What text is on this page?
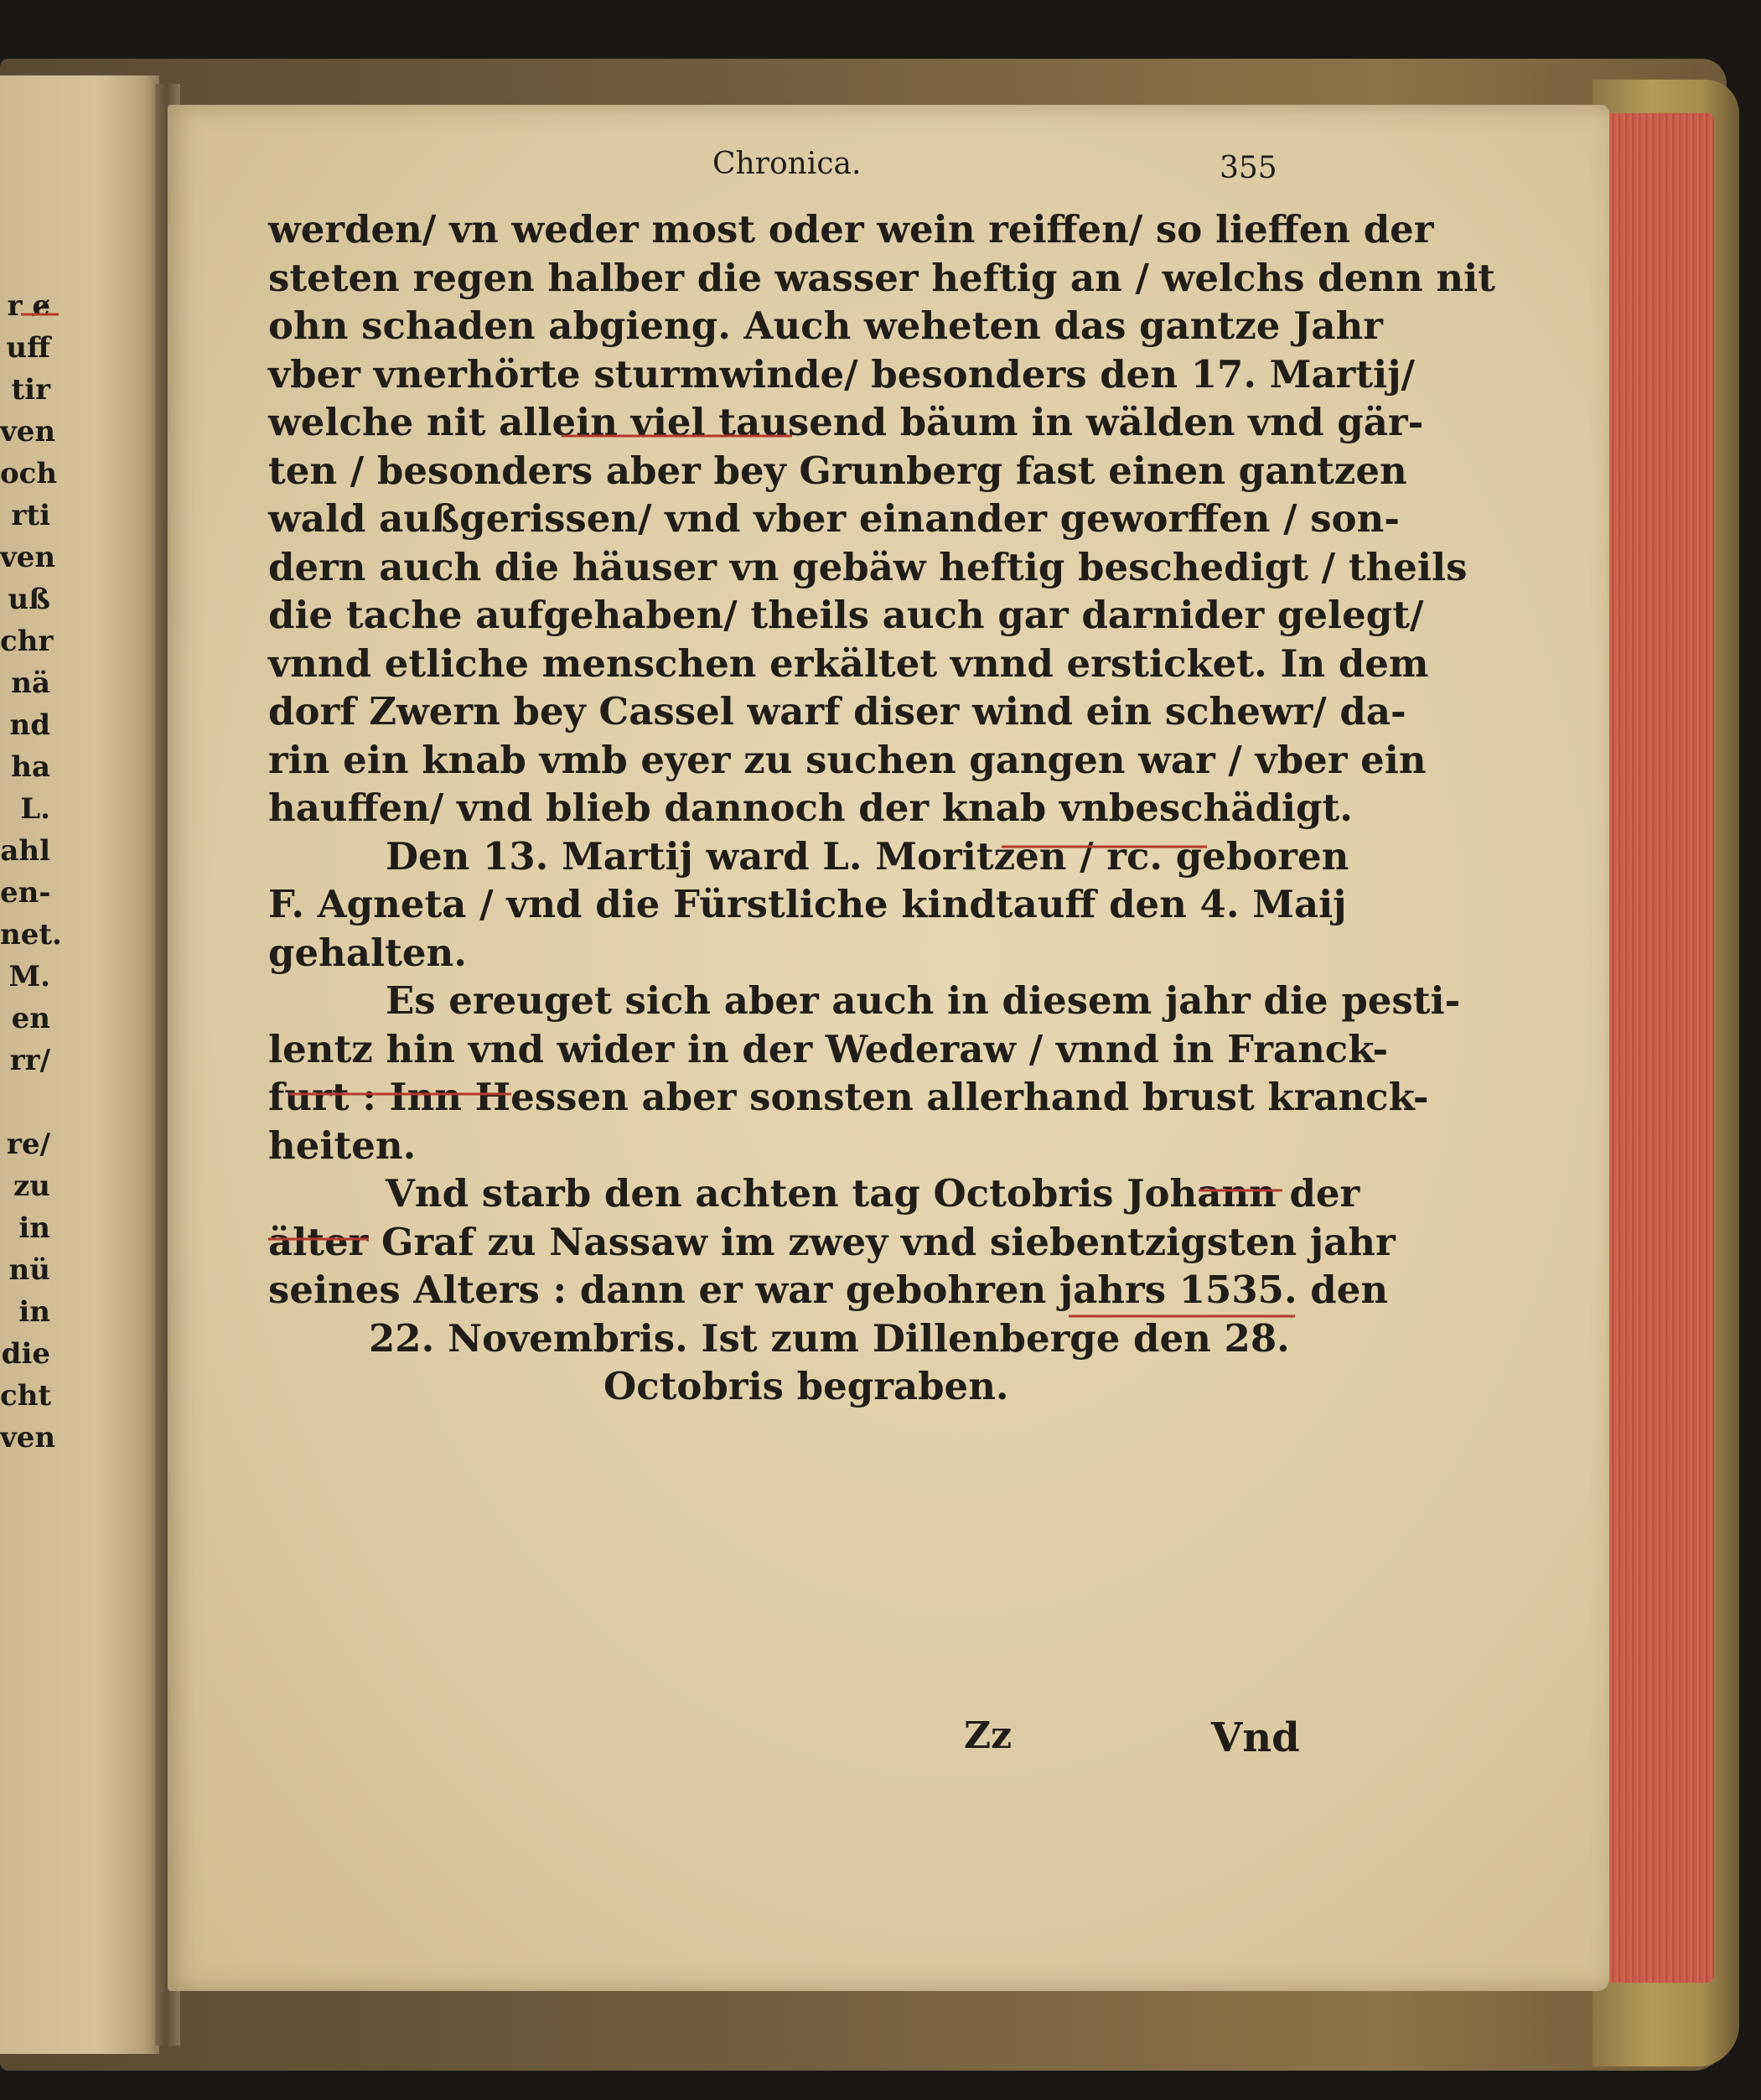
r e̷
uff
tir
ven
och
rti
ven
uß
chr
nä
nd
ha
L.
ahl
en-
net.
M.
en
rr/

re/
zu
in
nü
in
die
cht
ven
Chronica.	355
werden/ vn weder most oder wein reiffen/ so lieffen der
steten regen halber die wasser heftig an / welchs denn nit
ohn schaden abgieng. Auch weheten das gantze Jahr
vber vnerhörte sturmwinde/ besonders den 17. Martij/
welche nit allein viel tausend bäum in wälden vnd gär-
ten / besonders aber bey Grunberg fast einen gantzen
wald außgerissen/ vnd vber einander geworffen / son-
dern auch die häuser vn gebäw heftig beschedigt / theils
die tache aufgehaben/ theils auch gar darnider gelegt/
vnnd etliche menschen erkältet vnnd ersticket. In dem
dorf Zwern bey Cassel warf diser wind ein schewr/ da-
rin ein knab vmb eyer zu suchen gangen war / vber ein
hauffen/ vnd blieb dannoch der knab vnbeschädigt.
Den 13. Martij ward L. Moritzen / rc. geboren
F. Agneta / vnd die Fürstliche kindtauff den 4. Maij
gehalten.
Es ereuget sich aber auch in diesem jahr die pesti-
lentz hin vnd wider in der Wederaw / vnnd in Franck-
furt : Inn Hessen aber sonsten allerhand brust kranck-
heiten.
Vnd starb den achten tag Octobris Johann der
älter Graf zu Nassaw im zwey vnd siebentzigsten jahr
seines Alters : dann er war gebohren jahrs 1535. den
22. Novembris. Ist zum Dillenberge den 28.
Octobris begraben.
Zz	Vnd
